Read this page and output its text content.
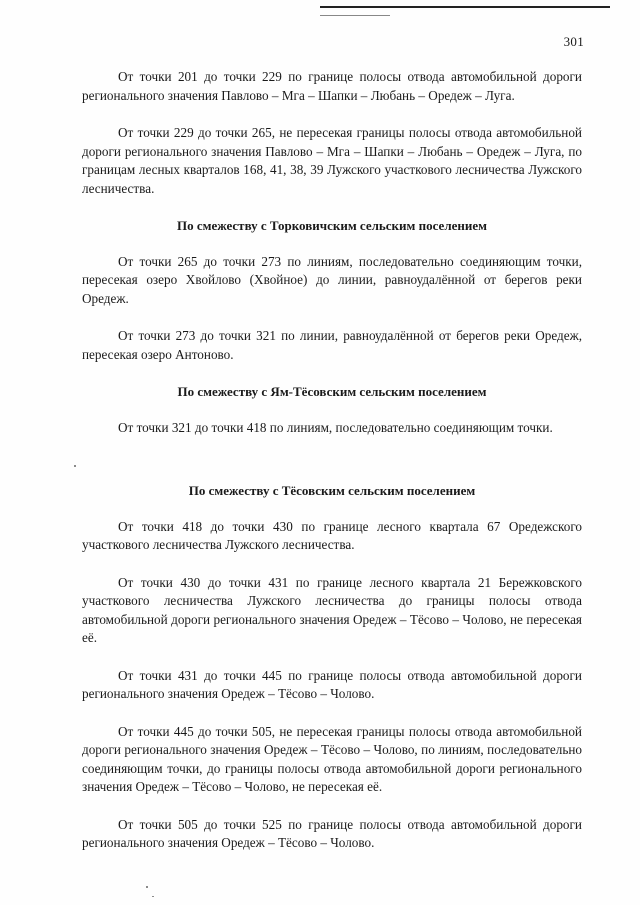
301

От точки 201 до точки 229 по границе полосы отвода автомобильной дороги регионального значения Павлово – Мга – Шапки – Любань – Оредеж – Луга.

От точки 229 до точки 265, не пересекая границы полосы отвода автомобильной дороги регионального значения Павлово – Мга – Шапки – Любань – Оредеж – Луга, по границам лесных кварталов 168, 41, 38, 39 Лужского участкового лесничества Лужского лесничества.

По смежеству с Торковичским сельским поселением

От точки 265 до точки 273 по линиям, последовательно соединяющим точки, пересекая озеро Хвойлово (Хвойное) до линии, равноудалённой от берегов реки Оредеж.

От точки 273 до точки 321 по линии, равноудалённой от берегов реки Оредеж, пересекая озеро Антоново.

По смежеству с Ям-Тёсовским сельским поселением

От точки 321 до точки 418 по линиям, последовательно соединяющим точки.

По смежеству с Тёсовским сельским поселением

От точки 418 до точки 430 по границе лесного квартала 67 Оредежского участкового лесничества Лужского лесничества.

От точки 430 до точки 431 по границе лесного квартала 21 Бережковского участкового лесничества Лужского лесничества до границы полосы отвода автомобильной дороги регионального значения Оредеж – Тёсово – Чолово, не пересекая её.

От точки 431 до точки 445 по границе полосы отвода автомобильной дороги регионального значения Оредеж – Тёсово – Чолово.

От точки 445 до точки 505, не пересекая границы полосы отвода автомобильной дороги регионального значения Оредеж – Тёсово – Чолово, по линиям, последовательно соединяющим точки, до границы полосы отвода автомобильной дороги регионального значения Оредеж – Тёсово – Чолово, не пересекая её.

От точки 505 до точки 525 по границе полосы отвода автомобильной дороги регионального значения Оредеж – Тёсово – Чолово.
